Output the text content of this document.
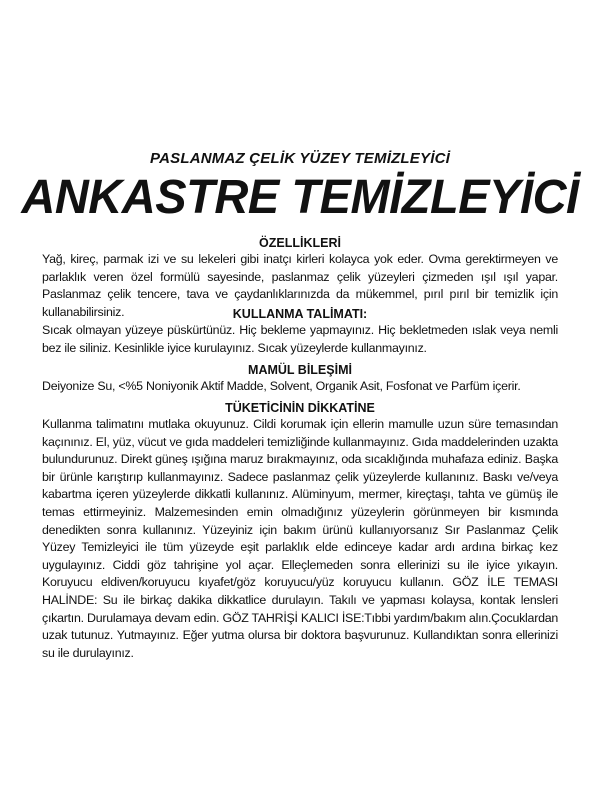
PASLANMAZ ÇELİK YÜZEY TEMİZLEYİCİ
ANKASTRE TEMİZLEYİCİ

ÖZELLİKLERİ

Yağ, kireç, parmak izi ve su lekeleri gibi inatçı kirleri kolayca yok eder. Ovma gerektirmeyen ve parlaklık veren özel formülü sayesinde, paslanmaz çelik yüzeyleri çizmeden ışıl ışıl yapar. Paslanmaz çelik tencere, tava ve çaydanlıklarınızda da mükemmel, pırıl pırıl bir temizlik için kullanabilirsiniz.	KULLANMA TALİMATI:

Sıcak olmayan yüzeye püskürtünüz. Hiç bekleme yapmayınız. Hiç bekletmeden ıslak veya nemli bez ile siliniz. Kesinlikle iyice kurulayınız. Sıcak yüzeylerde kullanmayınız.

MAMÜL BİLEŞİMİ

Deiyonize Su, <%5 Noniyonik Aktif Madde, Solvent, Organik Asit, Fosfonat ve Parfüm içerir.

TÜKETİCİNİN DİKKATİNE

Kullanma talimatını mutlaka okuyunuz. Cildi korumak için ellerin mamulle uzun süre temasından kaçınınız. El, yüz, vücut ve gıda maddeleri temizliğinde kullanmayınız. Gıda maddelerinden uzakta bulundurunuz. Direkt güneş ışığına maruz bırakmayınız, oda sıcaklığında muhafaza ediniz. Başka bir ürünle karıştırıp kullanmayınız. Sadece paslanmaz çelik yüzeylerde kullanınız. Baskı ve/veya kabartma içeren yüzeylerde dikkatli kullanınız. Alüminyum, mermer, kireçtaşı, tahta ve gümüş ile temas ettirmeyiniz. Malzemesinden emin olmadığınız yüzeylerin görünmeyen bir kısmında denedikten sonra kullanınız. Yüzeyiniz için bakım ürünü kullanıyorsanız Sır Paslanmaz Çelik Yüzey Temizleyici ile tüm yüzeyde eşit parlaklık elde edinceye kadar ardı ardına birkaç kez uygulayınız. Ciddi göz tahrişine yol açar. Elleçlemeden sonra ellerinizi su ile iyice yıkayın. Koruyucu eldiven/koruyucu kıyafet/göz koruyucu/yüz koruyucu kullanın. GÖZ İLE TEMASI HALİNDE: Su ile birkaç dakika dikkatlice durulayın. Takılı ve yapması kolaysa, kontak lensleri çıkartın. Durulamaya devam edin. GÖZ TAHRİŞİ KALICI İSE:Tıbbi yardım/bakım alın.Çocuklardan uzak tutunuz. Yutmayınız. Eğer yutma olursa bir doktora başvurunuz. Kullandıktan sonra ellerinizi su ile durulayınız.
